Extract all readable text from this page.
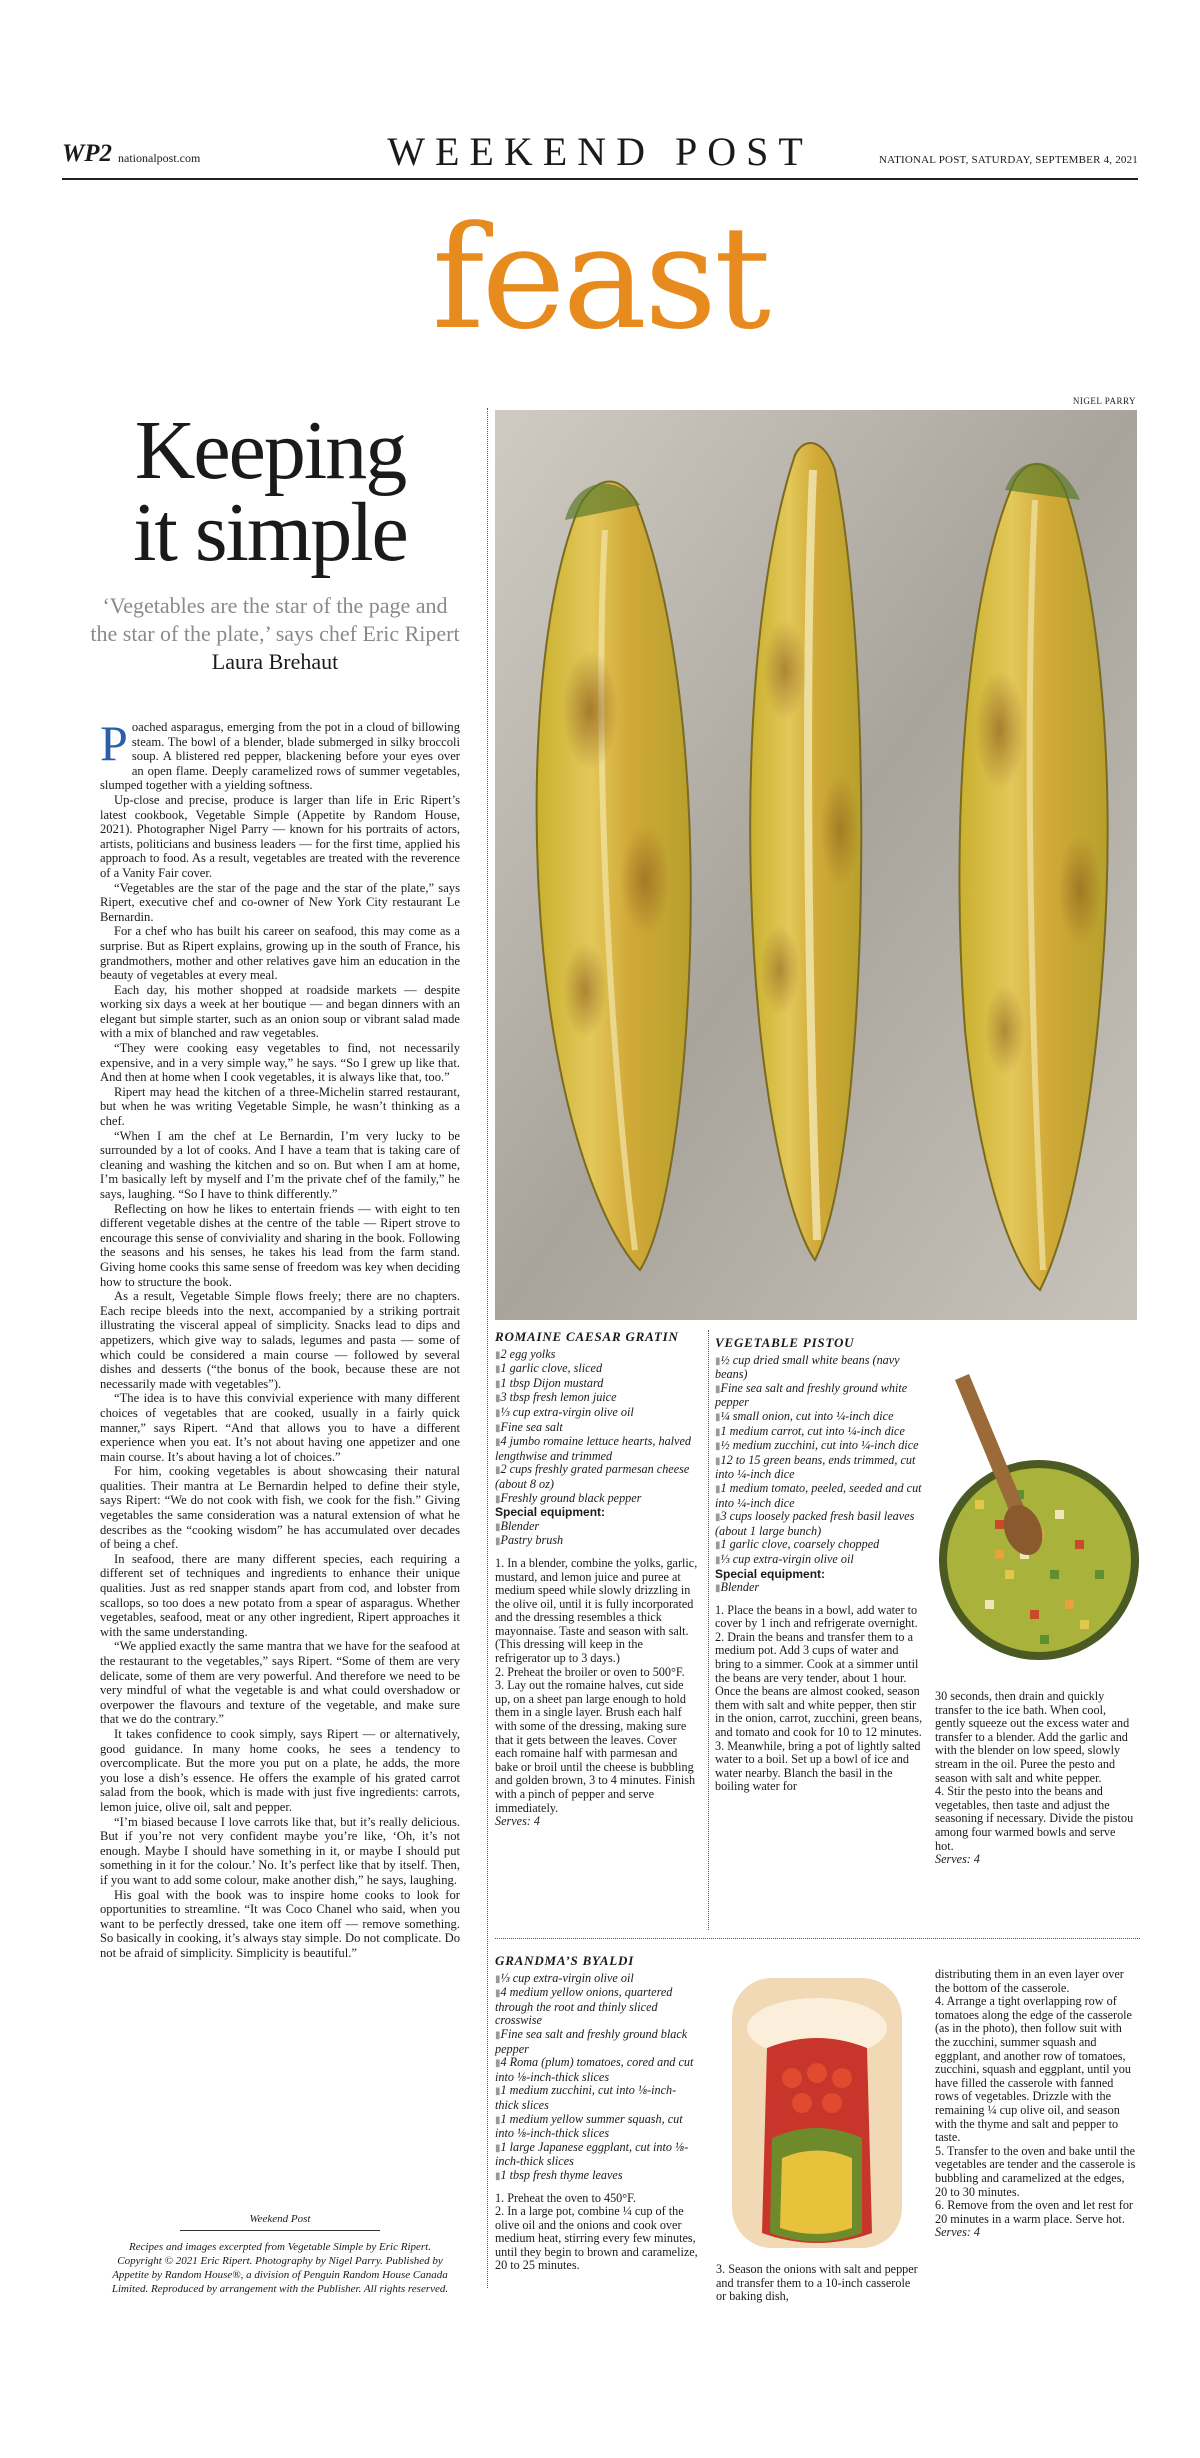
WP2 nationalpost.com	WEEKEND POST	NATIONAL POST, SATURDAY, SEPTEMBER 4, 2021
feast
Keeping
it simple
‘Vegetables are the star of the page and the star of the plate,’ says chef Eric Ripert Laura Brehaut

Poached asparagus, emerging from the pot in a cloud of billowing steam. The bowl of a blender, blade submerged in silky broccoli soup. A blistered red pepper, blackening before your eyes over an open flame. Deeply caramelized rows of summer vegetables, slumped together with a yielding softness.

Up-close and precise, produce is larger than life in Eric Ripert’s latest cookbook, Vegetable Simple (Appetite by Random House, 2021). Photographer Nigel Parry — known for his portraits of actors, artists, politicians and business leaders — for the first time, applied his approach to food. As a result, vegetables are treated with the reverence of a Vanity Fair cover.

“Vegetables are the star of the page and the star of the plate,” says Ripert, executive chef and co-owner of New York City restaurant Le Bernardin.

For a chef who has built his career on seafood, this may come as a surprise. But as Ripert explains, growing up in the south of France, his grandmothers, mother and other relatives gave him an education in the beauty of vegetables at every meal.

Each day, his mother shopped at roadside markets — despite working six days a week at her boutique — and began dinners with an elegant but simple starter, such as an onion soup or vibrant salad made with a mix of blanched and raw vegetables.

“They were cooking easy vegetables to find, not necessarily expensive, and in a very simple way,” he says. “So I grew up like that. And then at home when I cook vegetables, it is always like that, too.”

Ripert may head the kitchen of a three-Michelin starred restaurant, but when he was writing Vegetable Simple, he wasn’t thinking as a chef.

“When I am the chef at Le Bernardin, I’m very lucky to be surrounded by a lot of cooks. And I have a team that is taking care of cleaning and washing the kitchen and so on. But when I am at home, I’m basically left by myself and I’m the private chef of the family,” he says, laughing. “So I have to think differently.”

Reflecting on how he likes to entertain friends — with eight to ten different vegetable dishes at the centre of the table — Ripert strove to encourage this sense of conviviality and sharing in the book. Following the seasons and his senses, he takes his lead from the farm stand. Giving home cooks this same sense of freedom was key when deciding how to structure the book.

As a result, Vegetable Simple flows freely; there are no chapters. Each recipe bleeds into the next, accompanied by a striking portrait illustrating the visceral appeal of simplicity. Snacks lead to dips and appetizers, which give way to salads, legumes and pasta — some of which could be considered a main course — followed by several dishes and desserts (“the bonus of the book, because these are not necessarily made with vegetables”).

“The idea is to have this convivial experience with many different choices of vegetables that are cooked, usually in a fairly quick manner,” says Ripert. “And that allows you to have a different experience when you eat. It’s not about having one appetizer and one main course. It’s about having a lot of choices.”

For him, cooking vegetables is about showcasing their natural qualities. Their mantra at Le Bernardin helped to define their style, says Ripert: “We do not cook with fish, we cook for the fish.” Giving vegetables the same consideration was a natural extension of what he describes as the “cooking wisdom” he has accumulated over decades of being a chef.

In seafood, there are many different species, each requiring a different set of techniques and ingredients to enhance their unique qualities. Just as red snapper stands apart from cod, and lobster from scallops, so too does a new potato from a spear of asparagus. Whether vegetables, seafood, meat or any other ingredient, Ripert approaches it with the same understanding.

“We applied exactly the same mantra that we have for the seafood at the restaurant to the vegetables,” says Ripert. “Some of them are very delicate, some of them are very powerful. And therefore we need to be very mindful of what the vegetable is and what could overshadow or overpower the flavours and texture of the vegetable, and make sure that we do the contrary.”

It takes confidence to cook simply, says Ripert — or alternatively, good guidance. In many home cooks, he sees a tendency to overcomplicate. But the more you put on a plate, he adds, the more you lose a dish’s essence. He offers the example of his grated carrot salad from the book, which is made with just five ingredients: carrots, lemon juice, olive oil, salt and pepper.

“I’m biased because I love carrots like that, but it’s really delicious. But if you’re not very confident maybe you’re like, ‘Oh, it’s not enough. Maybe I should have something in it, or maybe I should put something in it for the colour.’ No. It’s perfect like that by itself. Then, if you want to add some colour, make another dish,” he says, laughing.

His goal with the book was to inspire home cooks to look for opportunities to streamline. “It was Coco Chanel who said, when you want to be perfectly dressed, take one item off — remove something. So basically in cooking, it’s always stay simple. Do not complicate. Do not be afraid of simplicity. Simplicity is beautiful.”

Weekend Post
Recipes and images excerpted from Vegetable Simple by Eric Ripert. Copyright © 2021 Eric Ripert. Photography by Nigel Parry. Published by Appetite by Random House®, a division of Penguin Random House Canada Limited. Reproduced by arrangement with the Publisher. All rights reserved.
NIGEL PARRY
ROMAINE CAESAR GRATIN
▮ 2 egg yolks
▮ 1 garlic clove, sliced
▮ 1 tbsp Dijon mustard
▮ 3 tbsp fresh lemon juice
▮ ⅓ cup extra-virgin olive oil
▮ Fine sea salt
▮ 4 jumbo romaine lettuce hearts, halved lengthwise and trimmed
▮ 2 cups freshly grated parmesan cheese (about 8 oz)
▮ Freshly ground black pepper
Special equipment:
▮ Blender
▮ Pastry brush

1. In a blender, combine the yolks, garlic, mustard, and lemon juice and puree at medium speed while slowly drizzling in the olive oil, until it is fully incorporated and the dressing resembles a thick mayonnaise. Taste and season with salt. (This dressing will keep in the refrigerator up to 3 days.)

2. Preheat the broiler or oven to 500°F.

3. Lay out the romaine halves, cut side up, on a sheet pan large enough to hold them in a single layer. Brush each half with some of the dressing, making sure that it gets between the leaves. Cover each romaine half with parmesan and bake or broil until the cheese is bubbling and golden brown, 3 to 4 minutes. Finish with a pinch of pepper and serve immediately.

Serves: 4
VEGETABLE PISTOU
▮ ½ cup dried small white beans (navy beans)
▮ Fine sea salt and freshly ground white pepper
▮ ¼ small onion, cut into ¼-inch dice
▮ 1 medium carrot, cut into ¼-inch dice
▮ ½ medium zucchini, cut into ¼-inch dice
▮ 12 to 15 green beans, ends trimmed, cut into ¼-inch dice
▮ 1 medium tomato, peeled, seeded and cut into ¼-inch dice
▮ 3 cups loosely packed fresh basil leaves (about 1 large bunch)
▮ 1 garlic clove, coarsely chopped
▮ ⅓ cup extra-virgin olive oil
Special equipment:
▮ Blender

1. Place the beans in a bowl, add water to cover by 1 inch and refrigerate overnight.

2. Drain the beans and transfer them to a medium pot. Add 3 cups of water and bring to a simmer. Cook at a simmer until the beans are very tender, about 1 hour. Once the beans are almost cooked, season them with salt and white pepper, then stir in the onion, carrot, zucchini, green beans, and tomato and cook for 10 to 12 minutes.

3. Meanwhile, bring a pot of lightly salted water to a boil. Set up a bowl of ice and water nearby. Blanch the basil in the boiling water for

30 seconds, then drain and quickly transfer to the ice bath. When cool, gently squeeze out the excess water and transfer to a blender. Add the garlic and with the blender on low speed, slowly stream in the oil. Puree the pesto and season with salt and white pepper.

4. Stir the pesto into the beans and vegetables, then taste and adjust the seasoning if necessary. Divide the pistou among four warmed bowls and serve hot.

Serves: 4
GRANDMA’S BYALDI
▮ ⅓ cup extra-virgin olive oil
▮ 4 medium yellow onions, quartered through the root and thinly sliced crosswise
▮ Fine sea salt and freshly ground black pepper
▮ 4 Roma (plum) tomatoes, cored and cut into ⅛-inch-thick slices
▮ 1 medium zucchini, cut into ⅛-inch-thick slices
▮ 1 medium yellow summer squash, cut into ⅛-inch-thick slices
▮ 1 large Japanese eggplant, cut into ⅛-inch-thick slices
▮ 1 tbsp fresh thyme leaves

1. Preheat the oven to 450°F.

2. In a large pot, combine ¼ cup of the olive oil and the onions and cook over medium heat, stirring every few minutes, until they begin to brown and caramelize, 20 to 25 minutes.	3. Season the onions with salt and pepper and transfer them to a 10-inch casserole or baking dish,

distributing them in an even layer over the bottom of the casserole.

4. Arrange a tight overlapping row of tomatoes along the edge of the casserole (as in the photo), then follow suit with the zucchini, summer squash and eggplant, and another row of tomatoes, zucchini, squash and eggplant, until you have filled the casserole with fanned rows of vegetables. Drizzle with the remaining ¼ cup olive oil, and season with the thyme and salt and pepper to taste.

5. Transfer to the oven and bake until the vegetables are tender and the casserole is bubbling and caramelized at the edges, 20 to 30 minutes.

6. Remove from the oven and let rest for 20 minutes in a warm place. Serve hot.

Serves: 4
